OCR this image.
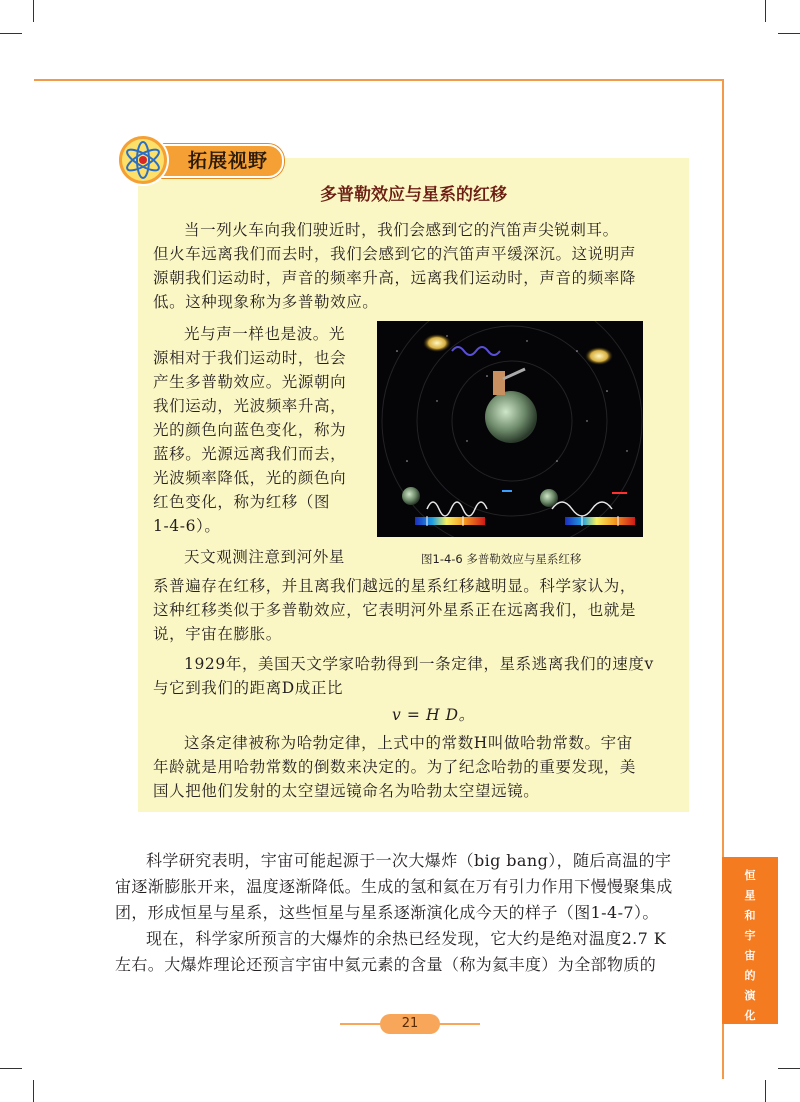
拓展视野
多普勒效应与星系的红移
当一列火车向我们驶近时，我们会感到它的汽笛声尖锐刺耳。
但火车远离我们而去时，我们会感到它的汽笛声平缓深沉。这说明声
源朝我们运动时，声音的频率升高，远离我们运动时，声音的频率降
低。这种现象称为多普勒效应。
光与声一样也是波。光
源相对于我们运动时，也会
产生多普勒效应。光源朝向
我们运动，光波频率升高，
光的颜色向蓝色变化，称为
蓝移。光源远离我们而去，
光波频率降低，光的颜色向
红色变化，称为红移（图
1-4-6）。
图1-4-6 多普勒效应与星系红移
天文观测注意到河外星
系普遍存在红移，并且离我们越远的星系红移越明显。科学家认为，
这种红移类似于多普勒效应，它表明河外星系正在远离我们，也就是
说，宇宙在膨胀。
1929年，美国天文学家哈勃得到一条定律，星系逃离我们的速度v
与它到我们的距离D成正比
v = H D。
这条定律被称为哈勃定律，上式中的常数H叫做哈勃常数。宇宙
年龄就是用哈勃常数的倒数来决定的。为了纪念哈勃的重要发现，美
国人把他们发射的太空望远镜命名为哈勃太空望远镜。
科学研究表明，宇宙可能起源于一次大爆炸（big bang），随后高温的宇
宙逐渐膨胀开来，温度逐渐降低。生成的氢和氦在万有引力作用下慢慢聚集成
团，形成恒星与星系，这些恒星与星系逐渐演化成今天的样子（图1-4-7）。
现在，科学家所预言的大爆炸的余热已经发现，它大约是绝对温度2.7 K
左右。大爆炸理论还预言宇宙中氦元素的含量（称为氦丰度）为全部物质的
恒
星
和
宇
宙
的
演
化
21
